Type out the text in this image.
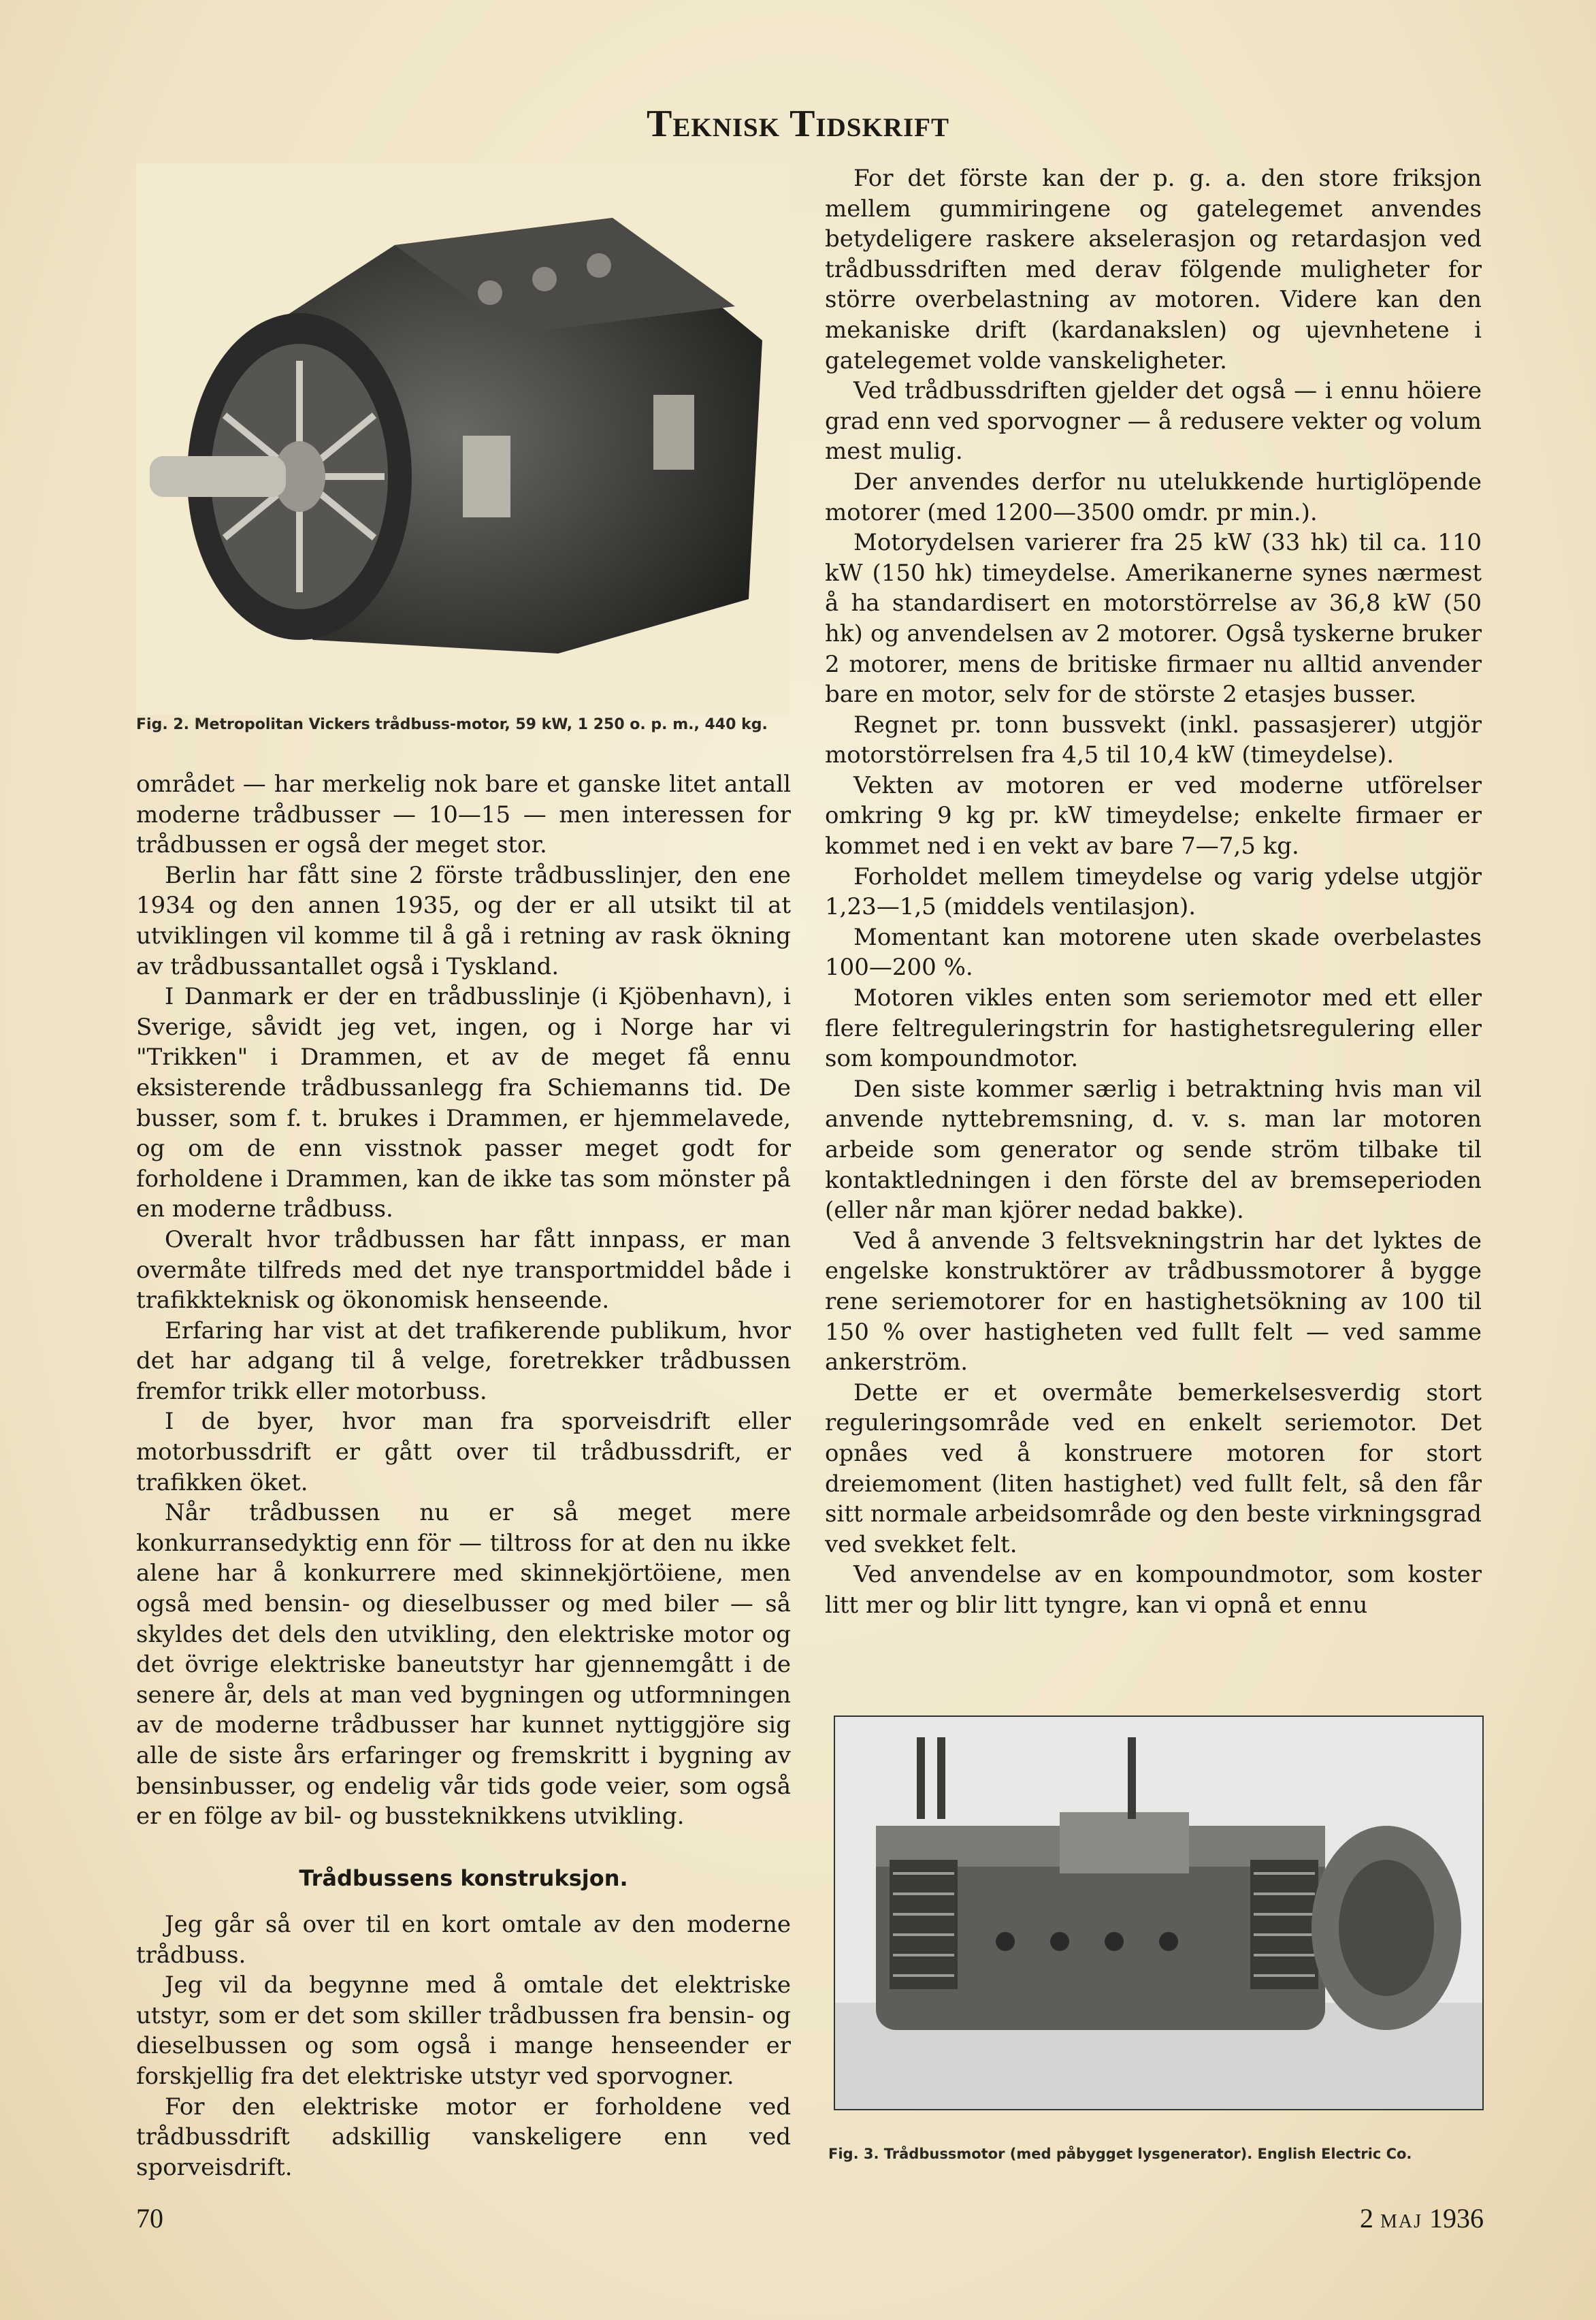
Teknisk Tidskrift
Fig. 2. Metropolitan Vickers trådbuss-motor, 59 kW, 1 250 o. p. m., 440 kg.

området — har merkelig nok bare et ganske litet antall moderne trådbusser — 10—15 — men interessen for trådbussen er også der meget stor.

Berlin har fått sine 2 förste trådbusslinjer, den ene 1934 og den annen 1935, og der er all utsikt til at utviklingen vil komme til å gå i retning av rask ökning av trådbussantallet også i Tyskland.

I Danmark er der en trådbusslinje (i Kjöbenhavn), i Sverige, såvidt jeg vet, ingen, og i Norge har vi "Trikken" i Drammen, et av de meget få ennu eksisterende trådbussanlegg fra Schiemanns tid. De busser, som f. t. brukes i Drammen, er hjemmelavede, og om de enn visstnok passer meget godt for forholdene i Drammen, kan de ikke tas som mönster på en moderne trådbuss.

Overalt hvor trådbussen har fått innpass, er man overmåte tilfreds med det nye transportmiddel både i trafikkteknisk og ökonomisk henseende.

Erfaring har vist at det trafikerende publikum, hvor det har adgang til å velge, foretrekker trådbussen fremfor trikk eller motorbuss.

I de byer, hvor man fra sporveisdrift eller motorbussdrift er gått over til trådbussdrift, er trafikken öket.

Når trådbussen nu er så meget mere konkurransedyktig enn för — tiltross for at den nu ikke alene har å konkurrere med skinnekjörtöiene, men også med bensin- og dieselbusser og med biler — så skyldes det dels den utvikling, den elektriske motor og det övrige elektriske baneutstyr har gjennemgått i de senere år, dels at man ved bygningen og utformningen av de moderne trådbusser har kunnet nyttiggjöre sig alle de siste års erfaringer og fremskritt i bygning av bensinbusser, og endelig vår tids gode veier, som også er en fölge av bil- og bussteknikkens utvikling.

Trådbussens konstruksjon.

Jeg går så over til en kort omtale av den moderne trådbuss.

Jeg vil da begynne med å omtale det elektriske utstyr, som er det som skiller trådbussen fra bensin- og dieselbussen og som også i mange henseender er forskjellig fra det elektriske utstyr ved sporvogner.

For den elektriske motor er forholdene ved trådbussdrift adskillig vanskeligere enn ved sporveisdrift.

For det förste kan der p. g. a. den store friksjon mellem gummiringene og gatelegemet anvendes betydeligere raskere akselerasjon og retardasjon ved trådbussdriften med derav fölgende muligheter for större overbelastning av motoren. Videre kan den mekaniske drift (kardanakslen) og ujevnhetene i gatelegemet volde vanskeligheter.

Ved trådbussdriften gjelder det også — i ennu höiere grad enn ved sporvogner — å redusere vekter og volum mest mulig.

Der anvendes derfor nu utelukkende hurtiglöpende motorer (med 1200—3500 omdr. pr min.).

Motorydelsen varierer fra 25 kW (33 hk) til ca. 110 kW (150 hk) timeydelse. Amerikanerne synes nærmest å ha standardisert en motorstörrelse av 36,8 kW (50 hk) og anvendelsen av 2 motorer. Også tyskerne bruker 2 motorer, mens de britiske firmaer nu alltid anvender bare en motor, selv for de störste 2 etasjes busser.

Regnet pr. tonn bussvekt (inkl. passasjerer) utgjör motorstörrelsen fra 4,5 til 10,4 kW (timeydelse).

Vekten av motoren er ved moderne utförelser omkring 9 kg pr. kW timeydelse; enkelte firmaer er kommet ned i en vekt av bare 7—7,5 kg.

Forholdet mellem timeydelse og varig ydelse utgjör 1,23—1,5 (middels ventilasjon).

Momentant kan motorene uten skade overbelastes 100—200 %.

Motoren vikles enten som seriemotor med ett eller flere feltreguleringstrin for hastighetsregulering eller som kompoundmotor.

Den siste kommer særlig i betraktning hvis man vil anvende nyttebremsning, d. v. s. man lar motoren arbeide som generator og sende ström tilbake til kontaktledningen i den förste del av bremseperioden (eller når man kjörer nedad bakke).

Ved å anvende 3 feltsvekningstrin har det lyktes de engelske konstruktörer av trådbussmotorer å bygge rene seriemotorer for en hastighetsökning av 100 til 150 % over hastigheten ved fullt felt — ved samme ankerström.

Dette er et overmåte bemerkelsesverdig stort reguleringsområde ved en enkelt seriemotor. Det opnåes ved å konstruere motoren for stort dreiemoment (liten hastighet) ved fullt felt, så den får sitt normale arbeidsområde og den beste virkningsgrad ved svekket felt.

Ved anvendelse av en kompoundmotor, som koster litt mer og blir litt tyngre, kan vi opnå et ennu

Fig. 3. Trådbussmotor (med påbygget lysgenerator). English Electric Co.
70	2 MAJ 1936
